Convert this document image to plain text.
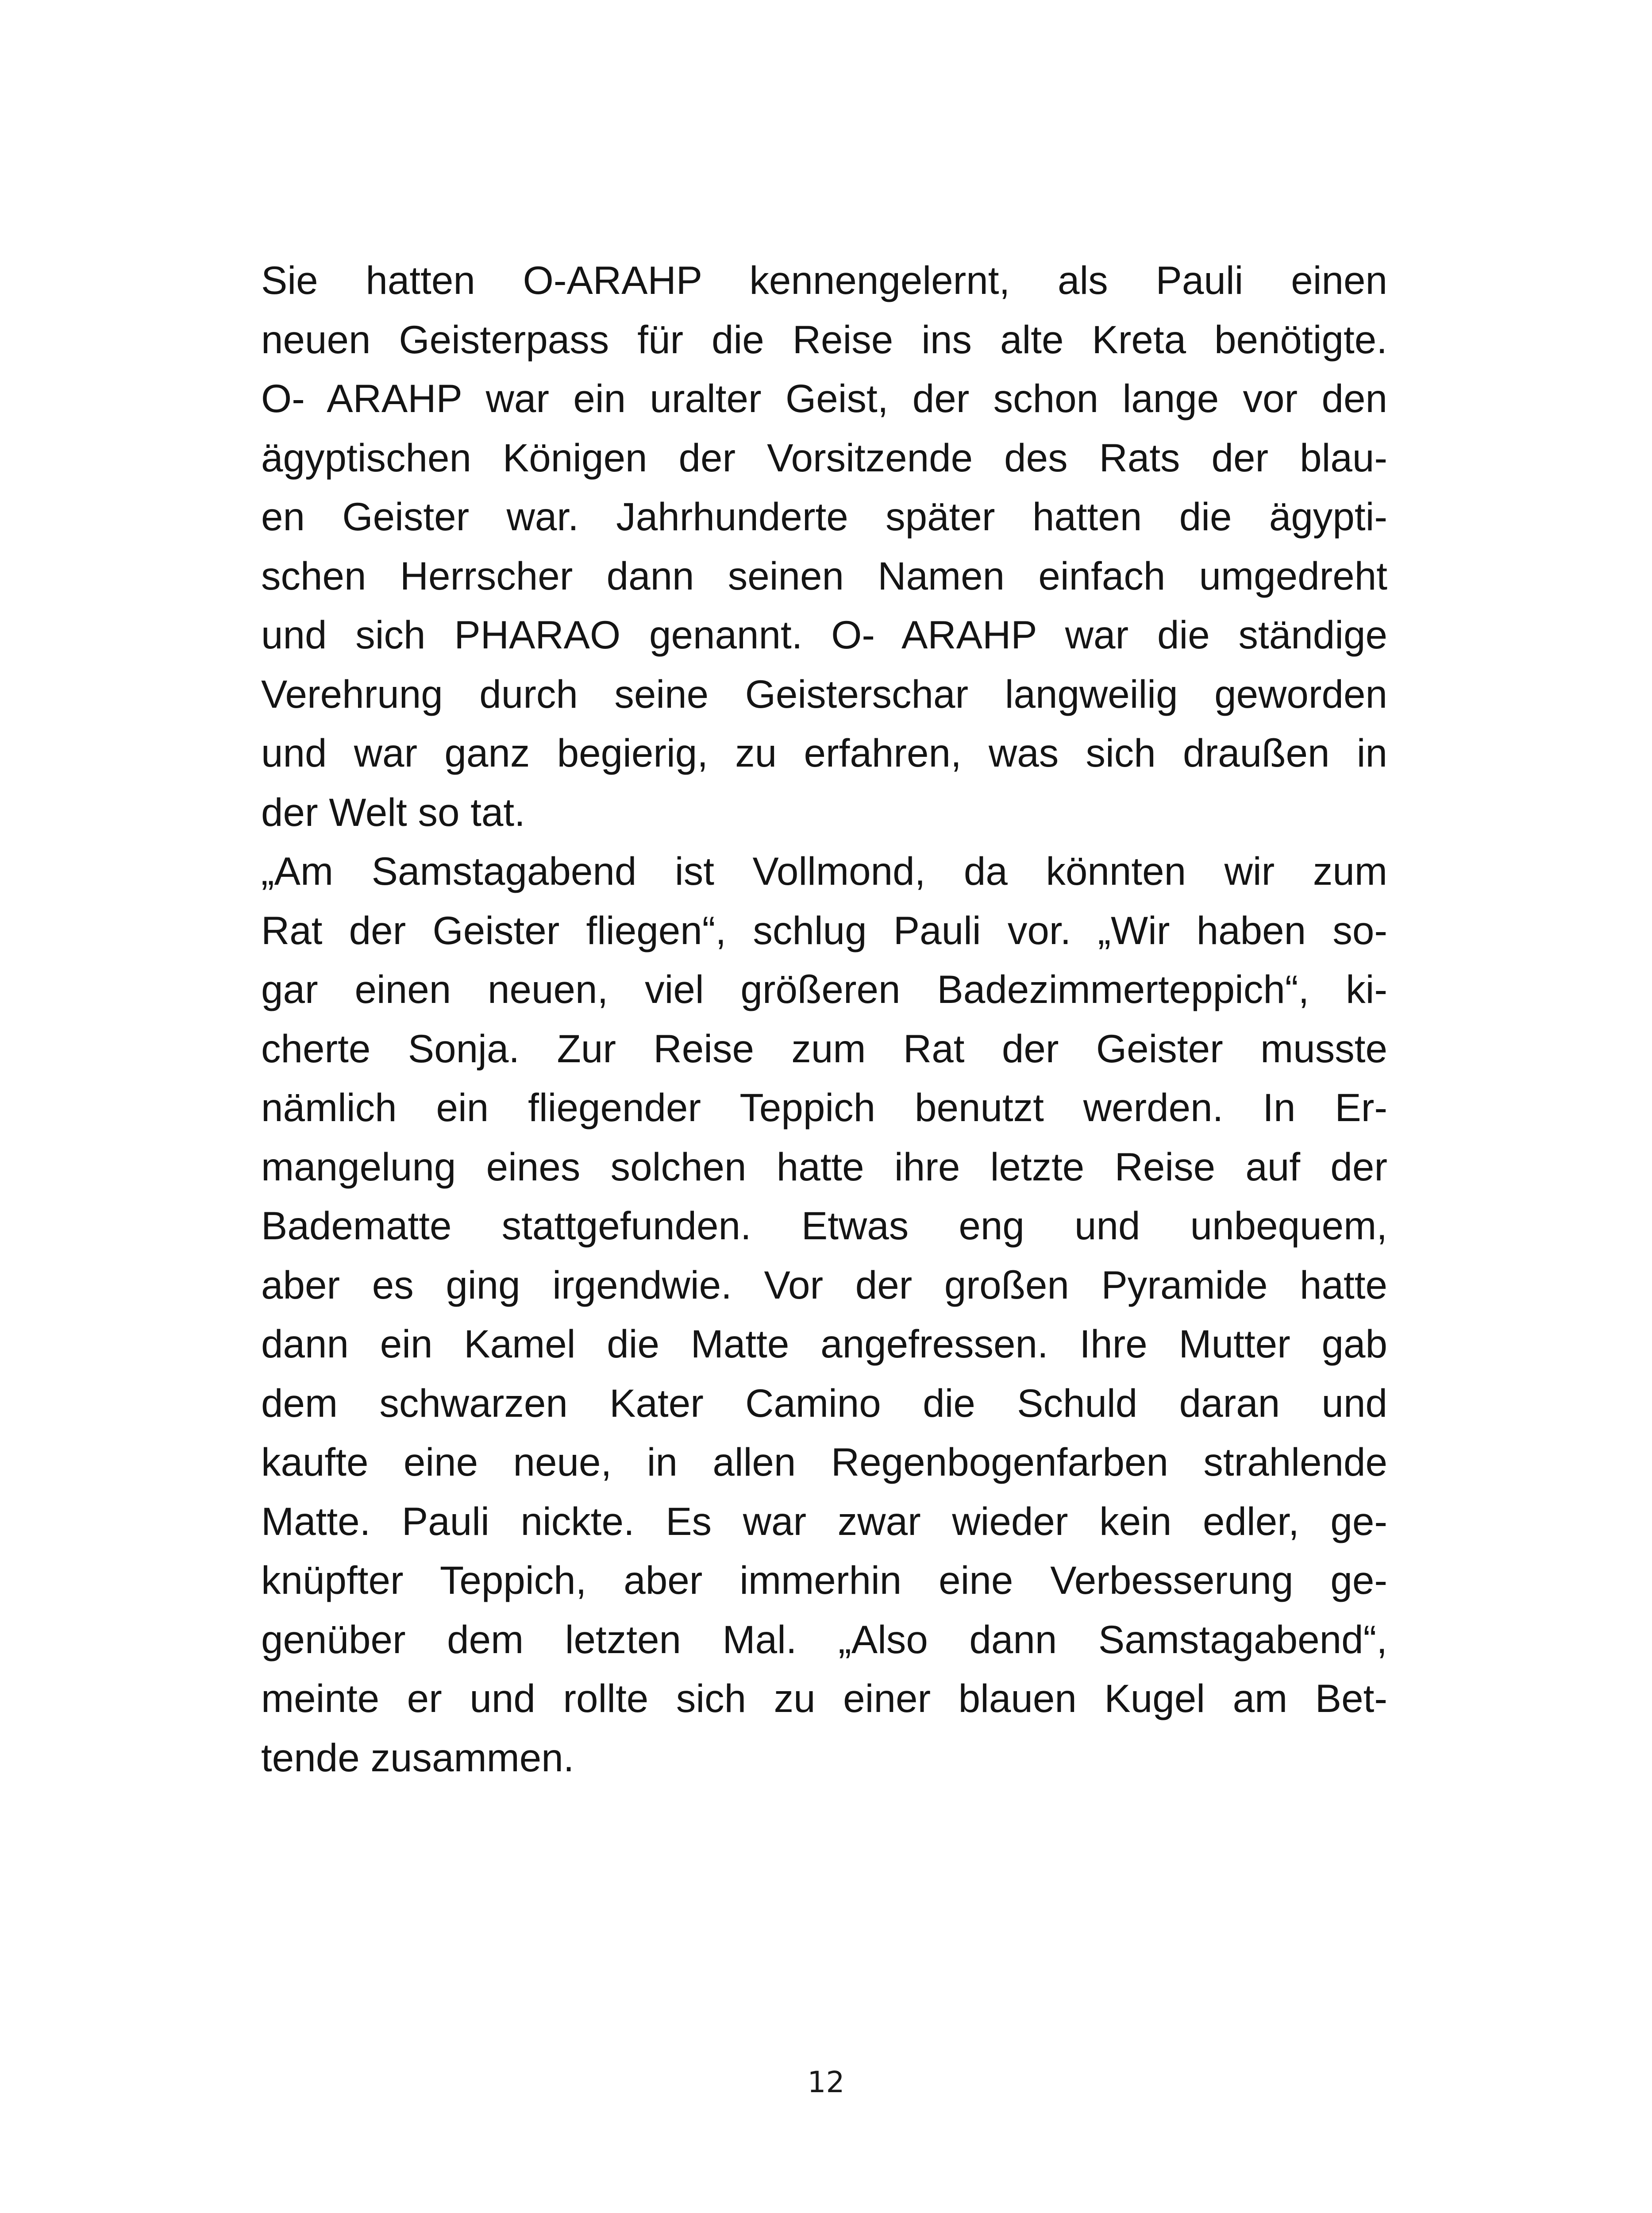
Sie hatten O-ARAHP kennengelernt, als Pauli einen
neuen Geisterpass für die Reise ins alte Kreta benötigte.
O- ARAHP war ein uralter Geist, der schon lange vor den
ägyptischen Königen der Vorsitzende des Rats der blau-
en Geister war. Jahrhunderte später hatten die ägypti-
schen Herrscher dann seinen Namen einfach umgedreht
und sich PHARAO genannt. O- ARAHP war die ständige
Verehrung durch seine Geisterschar langweilig geworden
und war ganz begierig, zu erfahren, was sich draußen in
der Welt so tat.
„Am Samstagabend ist Vollmond, da könnten wir zum
Rat der Geister fliegen“, schlug Pauli vor. „Wir haben so-
gar einen neuen, viel größeren Badezimmerteppich“, ki-
cherte Sonja. Zur Reise zum Rat der Geister musste
nämlich ein fliegender Teppich benutzt werden. In Er-
mangelung eines solchen hatte ihre letzte Reise auf der
Badematte stattgefunden. Etwas eng und unbequem,
aber es ging irgendwie. Vor der großen Pyramide hatte
dann ein Kamel die Matte angefressen. Ihre Mutter gab
dem schwarzen Kater Camino die Schuld daran und
kaufte eine neue, in allen Regenbogenfarben strahlende
Matte. Pauli nickte. Es war zwar wieder kein edler, ge-
knüpfter Teppich, aber immerhin eine Verbesserung ge-
genüber dem letzten Mal. „Also dann Samstagabend“,
meinte er und rollte sich zu einer blauen Kugel am Bet-
tende zusammen.
12
